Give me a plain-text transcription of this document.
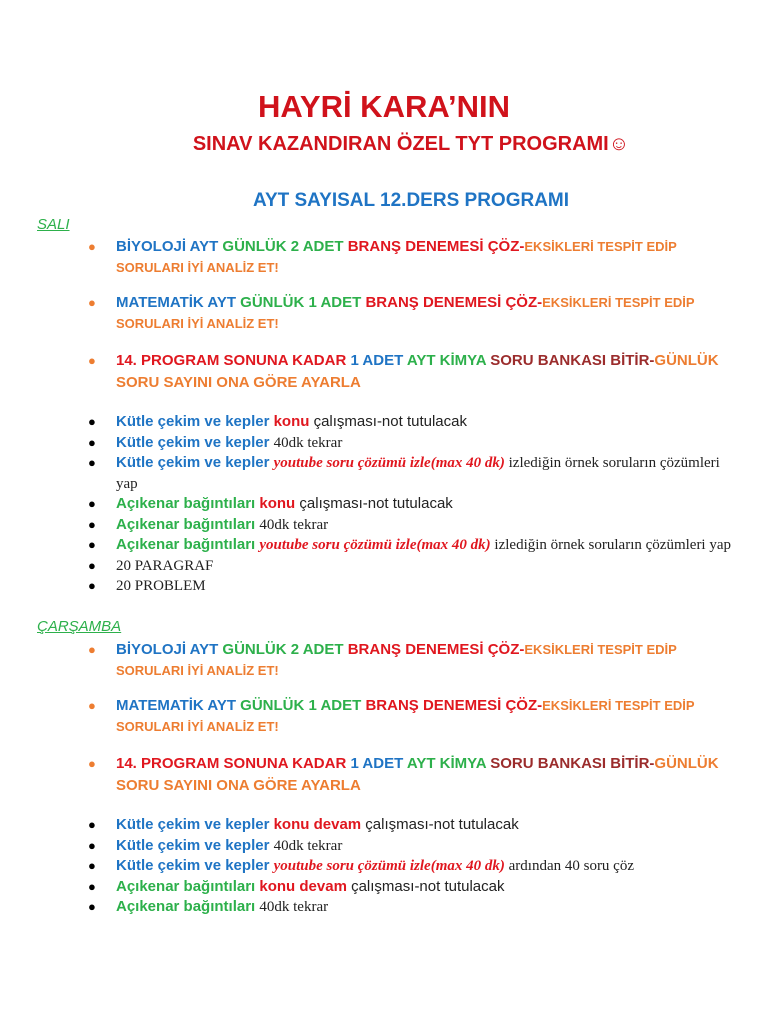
HAYRİ KARA’NIN
SINAV KAZANDIRAN ÖZEL TYT PROGRAMI☺
AYT SAYISAL 12.DERS PROGRAMI
SALI
● BİYOLOJİ AYT GÜNLÜK 2 ADET BRANŞ DENEMESİ ÇÖZ-EKSİKLERİ TESPİT EDİP SORULARI İYİ ANALİZ ET!
● MATEMATİK AYT GÜNLÜK 1 ADET BRANŞ DENEMESİ ÇÖZ-EKSİKLERİ TESPİT EDİP SORULARI İYİ ANALİZ ET!
● 14. PROGRAM SONUNA KADAR 1 ADET AYT KİMYA SORU BANKASI BİTİR-GÜNLÜK SORU SAYINI ONA GÖRE AYARLA
● Kütle çekim ve kepler konu çalışması-not tutulacak
● Kütle çekim ve kepler 40dk tekrar
● Kütle çekim ve kepler youtube soru çözümü izle(max 40 dk) izlediğin örnek soruların çözümleri yap
● Açıkenar bağıntıları konu çalışması-not tutulacak
● Açıkenar bağıntıları 40dk tekrar
● Açıkenar bağıntıları youtube soru çözümü izle(max 40 dk) izlediğin örnek soruların çözümleri yap
● 20 PARAGRAF
● 20 PROBLEM
ÇARŞAMBA
● BİYOLOJİ AYT GÜNLÜK 2 ADET BRANŞ DENEMESİ ÇÖZ-EKSİKLERİ TESPİT EDİP SORULARI İYİ ANALİZ ET!
● MATEMATİK AYT GÜNLÜK 1 ADET BRANŞ DENEMESİ ÇÖZ-EKSİKLERİ TESPİT EDİP SORULARI İYİ ANALİZ ET!
● 14. PROGRAM SONUNA KADAR 1 ADET AYT KİMYA SORU BANKASI BİTİR-GÜNLÜK SORU SAYINI ONA GÖRE AYARLA
● Kütle çekim ve kepler konu devam çalışması-not tutulacak
● Kütle çekim ve kepler 40dk tekrar
● Kütle çekim ve kepler youtube soru çözümü izle(max 40 dk) ardından 40 soru çöz
● Açıkenar bağıntıları konu devam çalışması-not tutulacak
● Açıkenar bağıntıları 40dk tekrar
